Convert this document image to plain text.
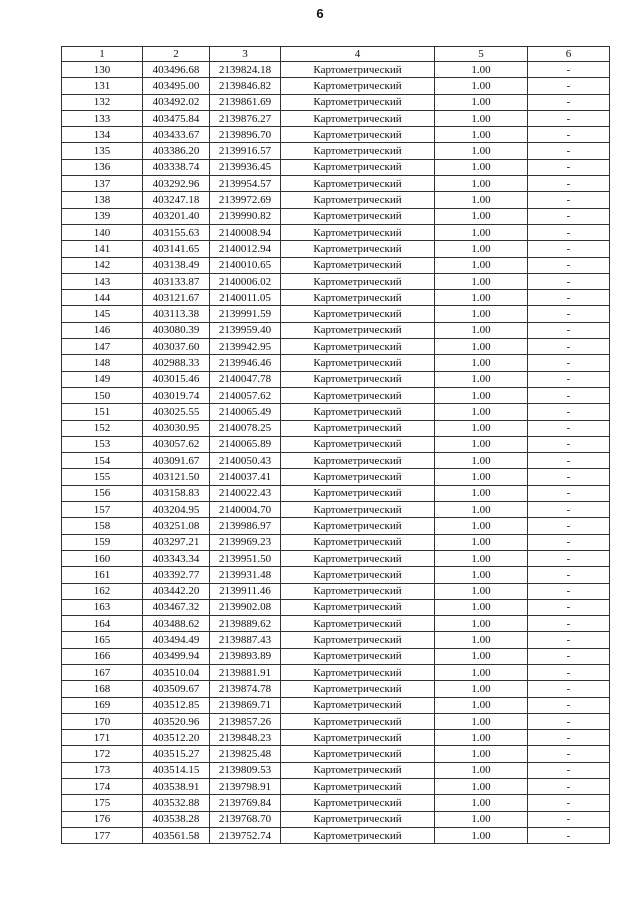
6
1	2	3	4	5	6
130	403496.68	2139824.18	Картометрический	1.00	-
131	403495.00	2139846.82	Картометрический	1.00	-
132	403492.02	2139861.69	Картометрический	1.00	-
133	403475.84	2139876.27	Картометрический	1.00	-
134	403433.67	2139896.70	Картометрический	1.00	-
135	403386.20	2139916.57	Картометрический	1.00	-
136	403338.74	2139936.45	Картометрический	1.00	-
137	403292.96	2139954.57	Картометрический	1.00	-
138	403247.18	2139972.69	Картометрический	1.00	-
139	403201.40	2139990.82	Картометрический	1.00	-
140	403155.63	2140008.94	Картометрический	1.00	-
141	403141.65	2140012.94	Картометрический	1.00	-
142	403138.49	2140010.65	Картометрический	1.00	-
143	403133.87	2140006.02	Картометрический	1.00	-
144	403121.67	2140011.05	Картометрический	1.00	-
145	403113.38	2139991.59	Картометрический	1.00	-
146	403080.39	2139959.40	Картометрический	1.00	-
147	403037.60	2139942.95	Картометрический	1.00	-
148	402988.33	2139946.46	Картометрический	1.00	-
149	403015.46	2140047.78	Картометрический	1.00	-
150	403019.74	2140057.62	Картометрический	1.00	-
151	403025.55	2140065.49	Картометрический	1.00	-
152	403030.95	2140078.25	Картометрический	1.00	-
153	403057.62	2140065.89	Картометрический	1.00	-
154	403091.67	2140050.43	Картометрический	1.00	-
155	403121.50	2140037.41	Картометрический	1.00	-
156	403158.83	2140022.43	Картометрический	1.00	-
157	403204.95	2140004.70	Картометрический	1.00	-
158	403251.08	2139986.97	Картометрический	1.00	-
159	403297.21	2139969.23	Картометрический	1.00	-
160	403343.34	2139951.50	Картометрический	1.00	-
161	403392.77	2139931.48	Картометрический	1.00	-
162	403442.20	2139911.46	Картометрический	1.00	-
163	403467.32	2139902.08	Картометрический	1.00	-
164	403488.62	2139889.62	Картометрический	1.00	-
165	403494.49	2139887.43	Картометрический	1.00	-
166	403499.94	2139893.89	Картометрический	1.00	-
167	403510.04	2139881.91	Картометрический	1.00	-
168	403509.67	2139874.78	Картометрический	1.00	-
169	403512.85	2139869.71	Картометрический	1.00	-
170	403520.96	2139857.26	Картометрический	1.00	-
171	403512.20	2139848.23	Картометрический	1.00	-
172	403515.27	2139825.48	Картометрический	1.00	-
173	403514.15	2139809.53	Картометрический	1.00	-
174	403538.91	2139798.91	Картометрический	1.00	-
175	403532.88	2139769.84	Картометрический	1.00	-
176	403538.28	2139768.70	Картометрический	1.00	-
177	403561.58	2139752.74	Картометрический	1.00	-
